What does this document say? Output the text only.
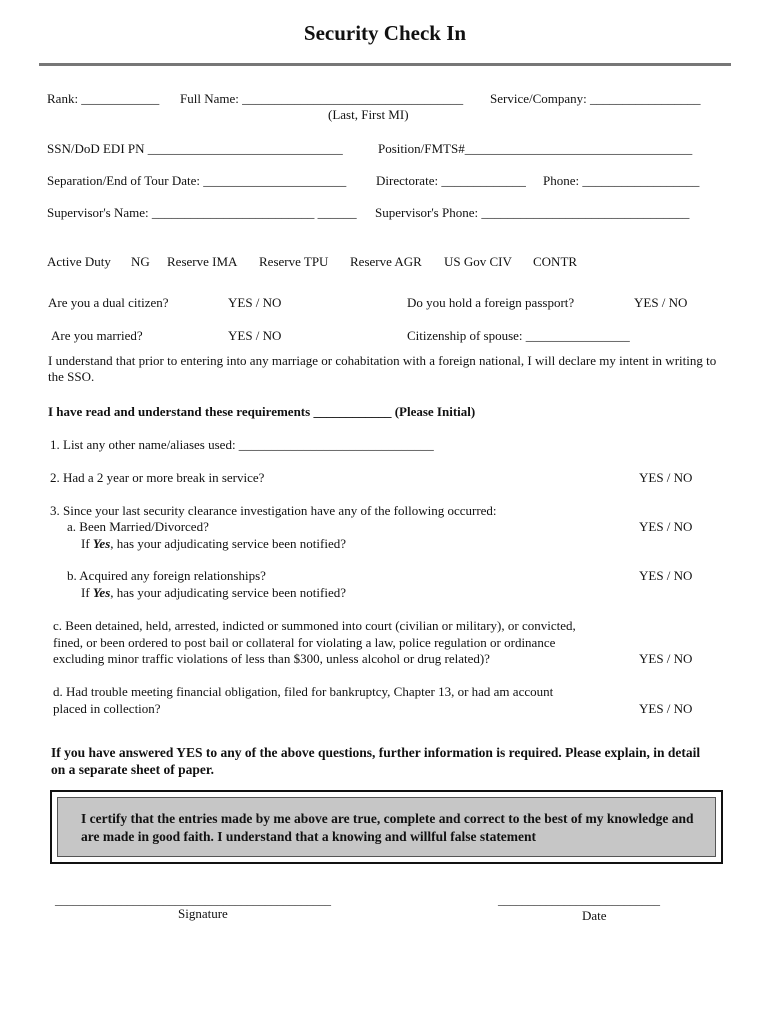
Security Check In
Rank: ____________ Full Name: __________________________________ Service/Company: _________________
(Last, First MI)
SSN/DoD EDI PN ______________________________	Position/FMTS#___________________________________
Separation/End of Tour Date: ______________________ Directorate: _____________ Phone: __________________
Supervisor's Name: _________________________ ______ Supervisor's Phone: ________________________________
Active Duty NG Reserve IMA Reserve TPU Reserve AGR US Gov CIV CONTR
Are you a dual citizen?	YES / NO	Do you hold a foreign passport?	YES / NO
Are you married?	YES / NO	Citizenship of spouse: ________________
I understand that prior to entering into any marriage or cohabitation with a foreign national, I will declare my intent in writing to the SSO.
I have read and understand these requirements ____________ (Please Initial)
1. List any other name/aliases used: ______________________________
2. Had a 2 year or more break in service?	YES / NO
3. Since your last security clearance investigation have any of the following occurred:
a. Been Married/Divorced?	YES / NO
If Yes, has your adjudicating service been notified?
b. Acquired any foreign relationships?	YES / NO
If Yes, has your adjudicating service been notified?
c. Been detained, held, arrested, indicted or summoned into court (civilian or military), or convicted,
fined, or been ordered to post bail or collateral for violating a law, police regulation or ordinance
excluding minor traffic violations of less than $300, unless alcohol or drug related)?	YES / NO
d. Had trouble meeting financial obligation, filed for bankruptcy, Chapter 13, or had am account
placed in collection?	YES / NO
If you have answered YES to any of the above questions, further information is required. Please explain, in detail on a separate sheet of paper.
I certify that the entries made by me above are true, complete and correct to the best of my knowledge and are made in good faith. I understand that a knowing and willful false statement
______________________________________________
Signature
___________________________
Date
